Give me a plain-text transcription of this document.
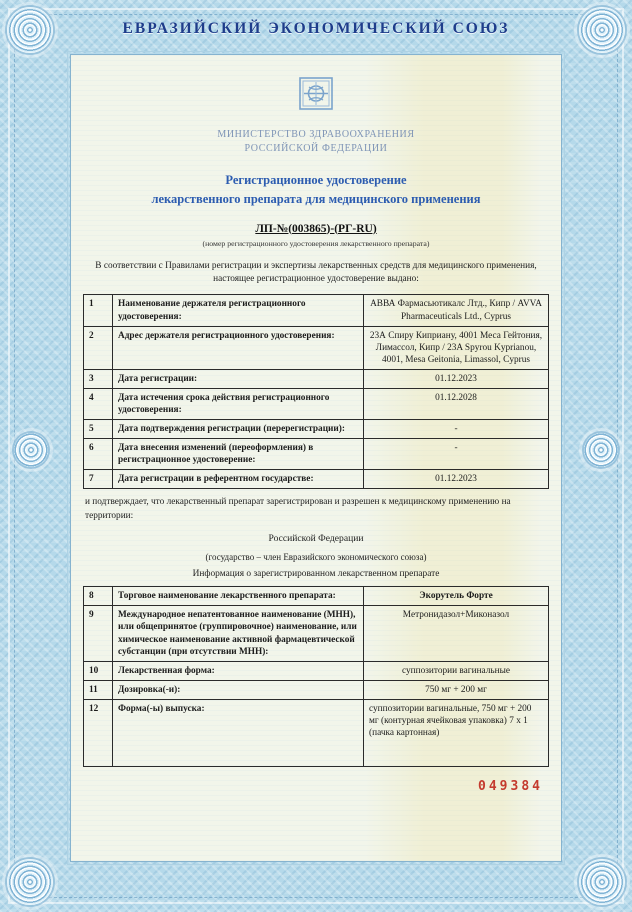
ЕВРАЗИЙСКИЙ ЭКОНОМИЧЕСКИЙ СОЮЗ
МИНИСТЕРСТВО ЗДРАВООХРАНЕНИЯ
РОССИЙСКОЙ ФЕДЕРАЦИИ
Регистрационное удостоверение
лекарственного препарата для медицинского применения
ЛП-№(003865)-(РГ-RU)
(номер регистрационного удостоверения лекарственного препарата)

В соответствии с Правилами регистрации и экспертизы лекарственных средств для медицинского применения, настоящее регистрационное удостоверение выдано:

1	Наименование держателя регистрационного удостоверения:	АВВА Фармасьютикалс Лтд., Кипр / AVVA Pharmaceuticals Ltd., Cyprus
2	Адрес держателя регистрационного удостоверения:	23А Спиру Киприану, 4001 Меса Гейтония, Лимассол, Кипр / 23A Spyrou Kyprianou, 4001, Mesa Geitonia, Limassol, Cyprus
3	Дата регистрации:	01.12.2023
4	Дата истечения срока действия регистрационного удостоверения:	01.12.2028
5	Дата подтверждения регистрации (перерегистрации):	-
6	Дата внесения изменений (переоформления) в регистрационное удостоверение:	-
7	Дата регистрации в референтном государстве:	01.12.2023

и подтверждает, что лекарственный препарат зарегистрирован и разрешен к медицинскому применению на территории:

Российской Федерации
(государство – член Евразийского экономического союза)
Информация о зарегистрированном лекарственном препарате
8	Торговое наименование лекарственного препарата:	Экорутель Форте
9	Международное непатентованное наименование (МНН), или общепринятое (группировочное) наименование, или химическое наименование активной фармацевтической субстанции (при отсутствии МНН):	Метронидазол+Миконазол
10	Лекарственная форма:	суппозитории вагинальные
11	Дозировка(-и):	750 мг + 200 мг
12	Форма(-ы) выпуска:	суппозитории вагинальные, 750 мг + 200 мг (контурная ячейковая упаковка) 7 х 1 (пачка картонная)
049384
